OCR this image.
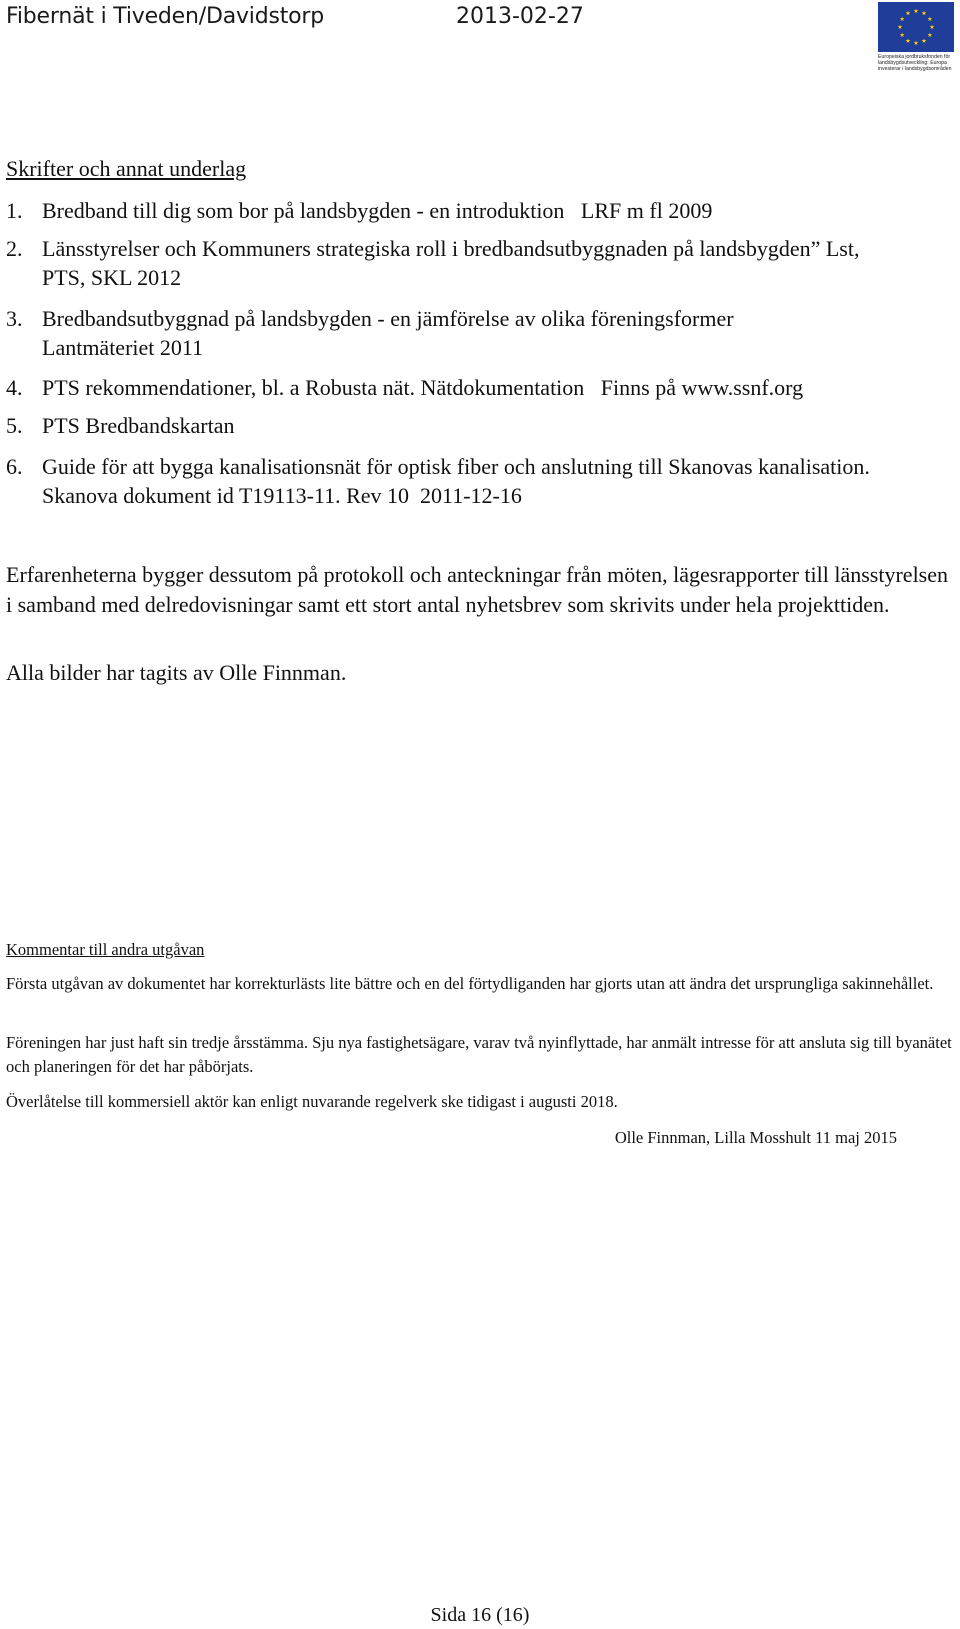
Fibernät i Tiveden/Davidstorp	2013-02-27
Europeiska jordbruksfonden för
landsbygdsutveckling: Europa
investerar i landsbygdsområden
Skrifter och annat underlag
1. Bredband till dig som bor på landsbygden - en introduktion   LRF m fl 2009
2. Länsstyrelser och Kommuners strategiska roll i bredbandsutbyggnaden på landsbygden” Lst, PTS, SKL 2012
3. Bredbandsutbyggnad på landsbygden - en jämförelse av olika föreningsformer Lantmäteriet 2011
4. PTS rekommendationer, bl. a Robusta nät. Nätdokumentation   Finns på www.ssnf.org
5. PTS Bredbandskartan
6. Guide för att bygga kanalisationsnät för optisk fiber och anslutning till Skanovas kanalisation. Skanova dokument id T19113-11. Rev 10  2011-12-16
Erfarenheterna bygger dessutom på protokoll och anteckningar från möten, lägesrapporter till länsstyrelsen i samband med delredovisningar samt ett stort antal nyhetsbrev som skrivits under hela projekttiden.
Alla bilder har tagits av Olle Finnman.
Kommentar till andra utgåvan
Första utgåvan av dokumentet har korrekturlästs lite bättre och en del förtydliganden har gjorts utan att ändra det ursprungliga sakinnehållet.
Föreningen har just haft sin tredje årsstämma. Sju nya fastighetsägare, varav två nyinflyttade, har anmält intresse för att ansluta sig till byanätet och planeringen för det har påbörjats.
Överlåtelse till kommersiell aktör kan enligt nuvarande regelverk ske tidigast i augusti 2018.
Olle Finnman, Lilla Mosshult 11 maj 2015
Sida 16 (16)
